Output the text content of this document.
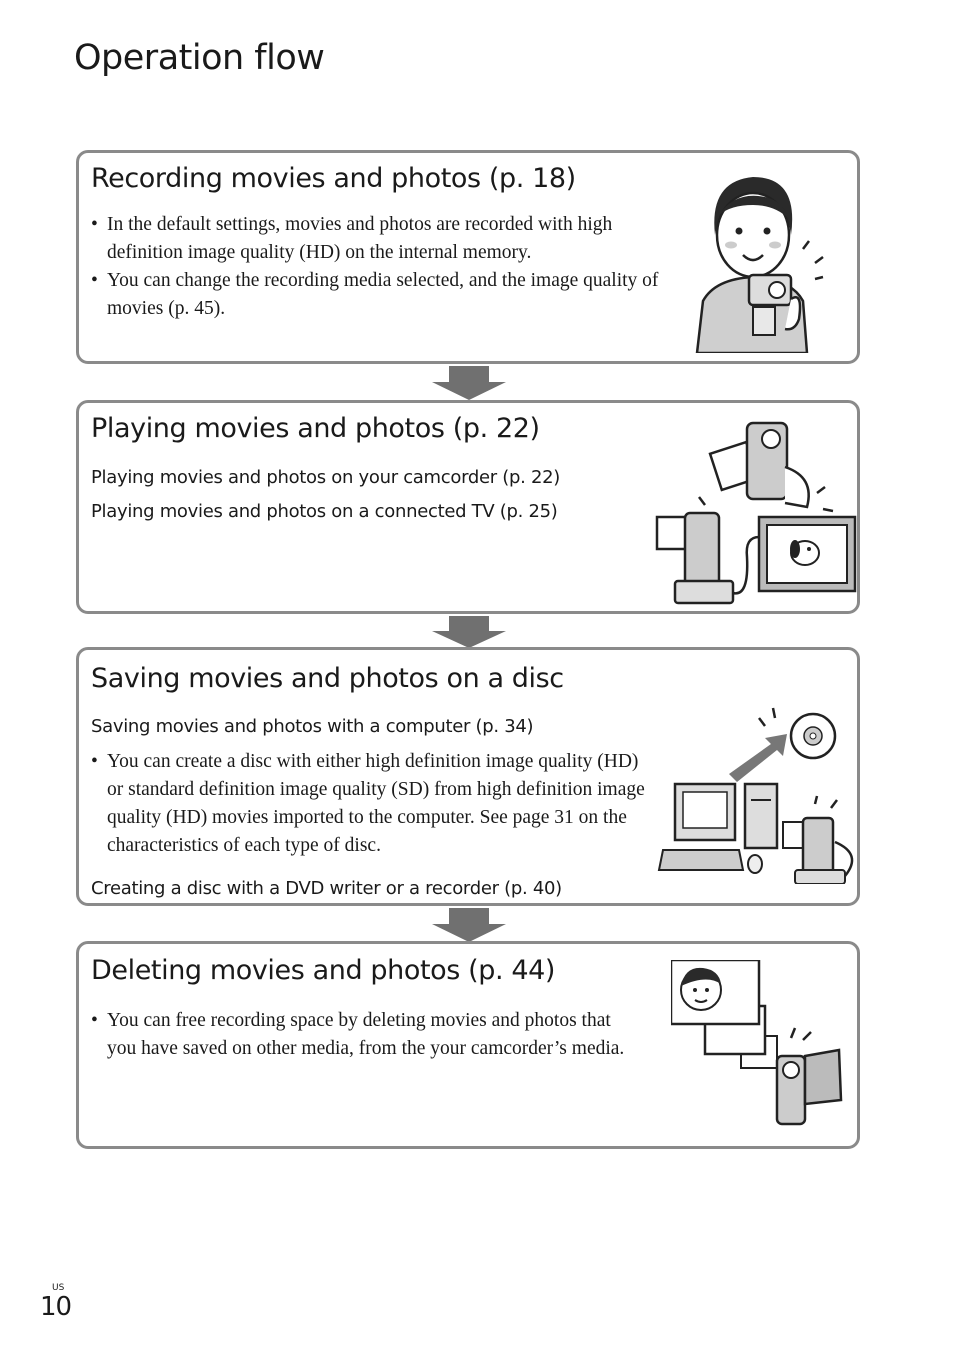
Operation flow
Recording movies and photos (p. 18)
• In the default settings, movies and photos are recorded with high definition image quality (HD) on the internal memory.
• You can change the recording media selected, and the image quality of movies (p. 45).
Playing movies and photos (p. 22)
Playing movies and photos on your camcorder (p. 22)
Playing movies and photos on a connected TV (p. 25)
Saving movies and photos on a disc
Saving movies and photos with a computer (p. 34)
• You can create a disc with either high definition image quality (HD) or standard definition image quality (SD) from high definition image quality (HD) movies imported to the computer. See page 31 on the characteristics of each type of disc.
Creating a disc with a DVD writer or a recorder (p. 40)
Deleting movies and photos (p. 44)
• You can free recording space by deleting movies and photos that you have saved on other media, from the your camcorder’s media.
US
10
